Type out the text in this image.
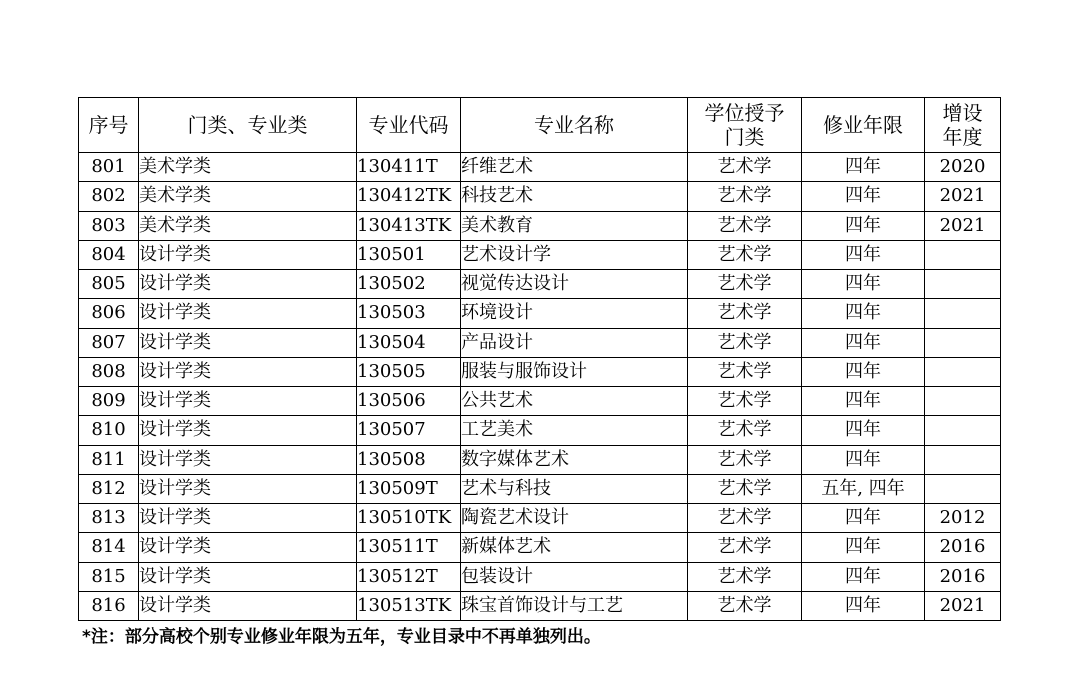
序号	门类、专业类	专业代码	专业名称	学位授予门类	修业年限	增设年度

801	美术学类	130411T	纤维艺术	艺术学	四年	2020
802	美术学类	130412TK	科技艺术	艺术学	四年	2021
803	美术学类	130413TK	美术教育	艺术学	四年	2021
804	设计学类	130501	艺术设计学	艺术学	四年	
805	设计学类	130502	视觉传达设计	艺术学	四年	
806	设计学类	130503	环境设计	艺术学	四年	
807	设计学类	130504	产品设计	艺术学	四年	
808	设计学类	130505	服装与服饰设计	艺术学	四年	
809	设计学类	130506	公共艺术	艺术学	四年	
810	设计学类	130507	工艺美术	艺术学	四年	
811	设计学类	130508	数字媒体艺术	艺术学	四年	
812	设计学类	130509T	艺术与科技	艺术学	五年, 四年	
813	设计学类	130510TK	陶瓷艺术设计	艺术学	四年	2012
814	设计学类	130511T	新媒体艺术	艺术学	四年	2016
815	设计学类	130512T	包装设计	艺术学	四年	2016
816	设计学类	130513TK	珠宝首饰设计与工艺	艺术学	四年	2021
*注：部分高校个别专业修业年限为五年，专业目录中不再单独列出。
